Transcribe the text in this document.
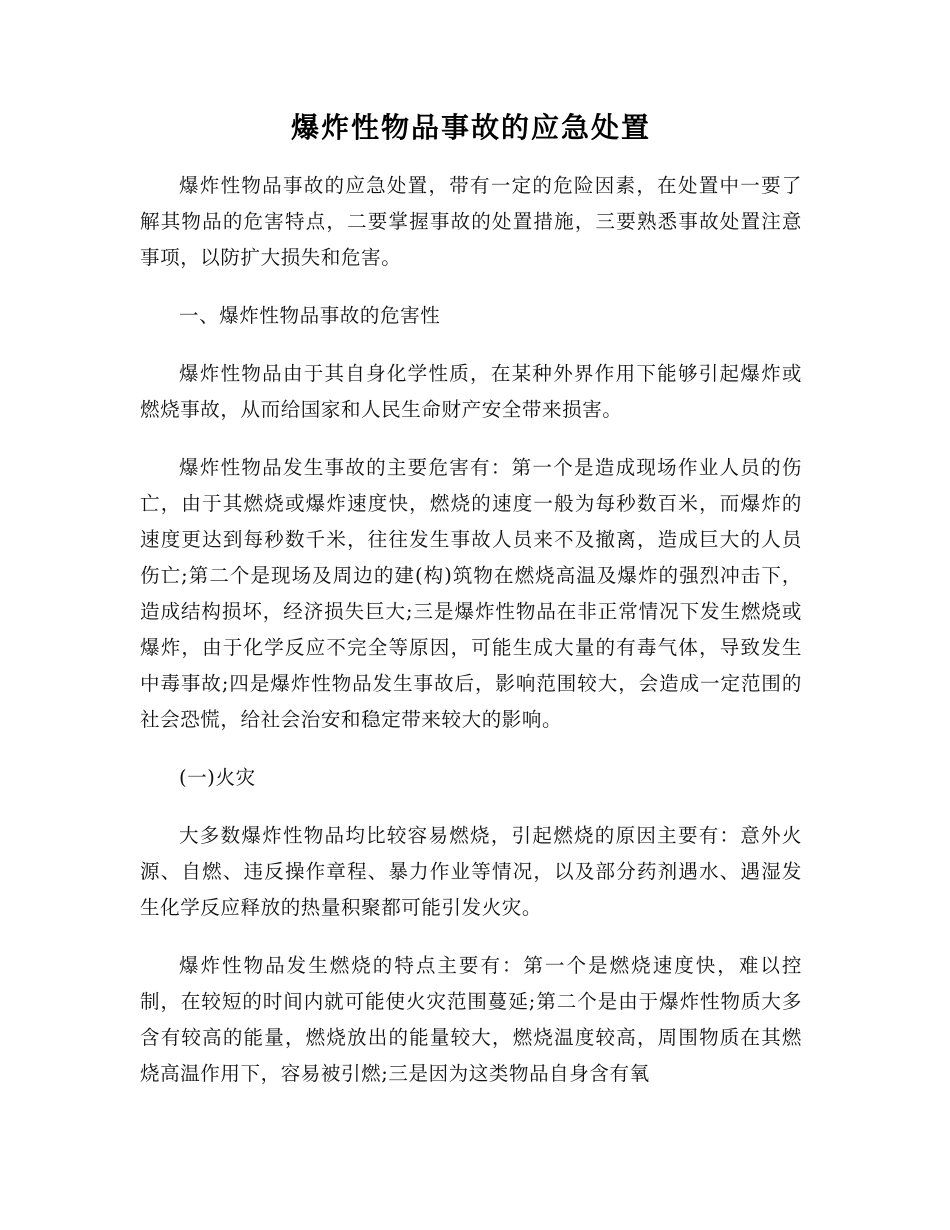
爆炸性物品事故的应急处置

爆炸性物品事故的应急处置，带有一定的危险因素，在处置中一要了解其物品的危害特点，二要掌握事故的处置措施，三要熟悉事故处置注意事项，以防扩大损失和危害。

一、爆炸性物品事故的危害性

爆炸性物品由于其自身化学性质，在某种外界作用下能够引起爆炸或燃烧事故，从而给国家和人民生命财产安全带来损害。

爆炸性物品发生事故的主要危害有：第一个是造成现场作业人员的伤亡，由于其燃烧或爆炸速度快，燃烧的速度一般为每秒数百米，而爆炸的速度更达到每秒数千米，往往发生事故人员来不及撤离，造成巨大的人员伤亡;第二个是现场及周边的建(构)筑物在燃烧高温及爆炸的强烈冲击下，造成结构损坏，经济损失巨大;三是爆炸性物品在非正常情况下发生燃烧或爆炸，由于化学反应不完全等原因，可能生成大量的有毒气体，导致发生中毒事故;四是爆炸性物品发生事故后，影响范围较大，会造成一定范围的社会恐慌，给社会治安和稳定带来较大的影响。

(一)火灾

大多数爆炸性物品均比较容易燃烧，引起燃烧的原因主要有：意外火源、自燃、违反操作章程、暴力作业等情况，以及部分药剂遇水、遇湿发生化学反应释放的热量积聚都可能引发火灾。

爆炸性物品发生燃烧的特点主要有：第一个是燃烧速度快，难以控制，在较短的时间内就可能使火灾范围蔓延;第二个是由于爆炸性物质大多含有较高的能量，燃烧放出的能量较大，燃烧温度较高，周围物质在其燃烧高温作用下，容易被引燃;三是因为这类物品自身含有氧
